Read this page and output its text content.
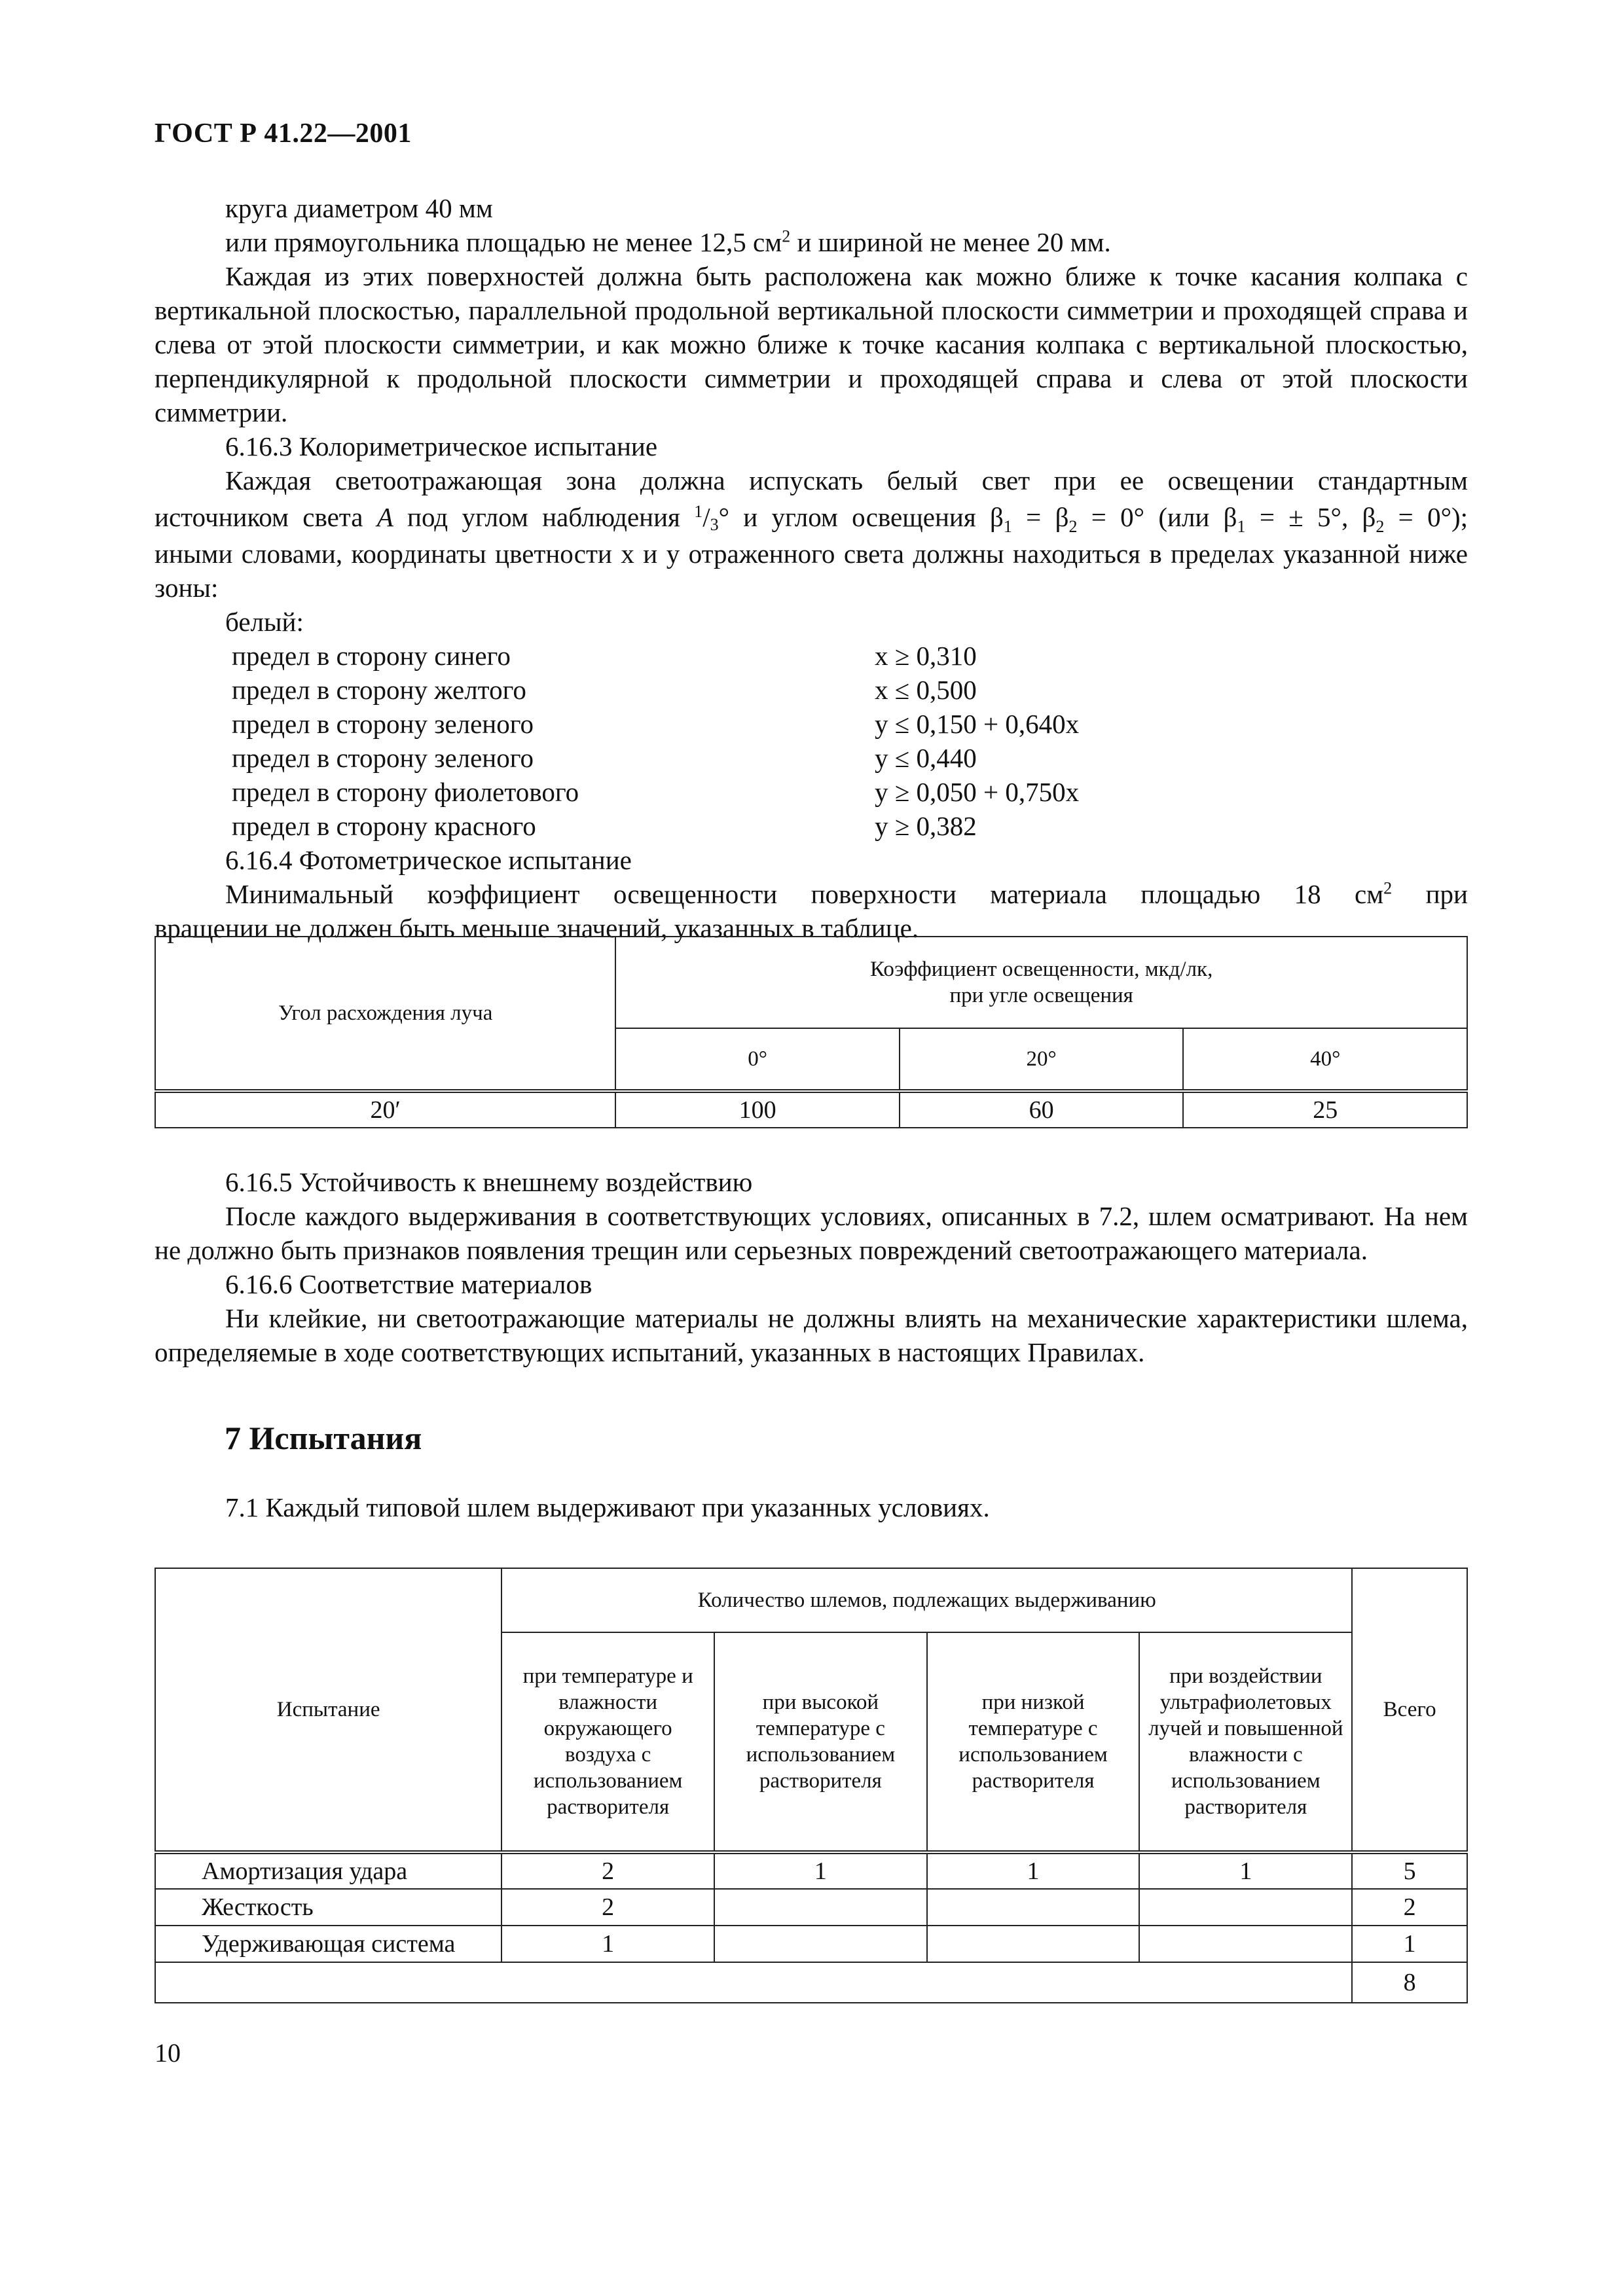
ГОСТ Р 41.22—2001

круга диаметром 40 мм

или прямоугольника площадью не менее 12,5 $см^2$ и шириной не менее 20 мм.

Каждая из этих поверхностей должна быть расположена как можно ближе к точке касания колпака с вертикальной плоскостью, параллельной продольной вертикальной плоскости симметрии и проходящей справа и слева от этой плоскости симметрии, и как можно ближе к точке касания колпака с вертикальной плоскостью, перпендикулярной к продольной плоскости симметрии и проходящей справа и слева от этой плоскости симметрии.

6.16.3 Колориметрическое испытание

Каждая светоотражающая зона должна испускать белый свет при ее освещении стандартным

источником света A под углом наблюдения $^1$/3° и углом освещения $\beta_1 = \beta_2 = 0^\circ$ (или $\beta_1$ = ± 5°, $\beta_2 = 0^\circ$);

иными словами, координаты цветности x и y отраженного света должны находиться в пределах указанной ниже зоны:

белый:

предел в сторону синего	x ≥ 0,310
предел в сторону желтого	x ≤ 0,500
предел в сторону зеленого	y ≤ 0,150 + 0,640x
предел в сторону зеленого	y ≤ 0,440
предел в сторону фиолетового	y ≥ 0,050 + 0,750x
предел в сторону красного	y ≥ 0,382

6.16.4 Фотометрическое испытание

Минимальный коэффициент освещенности поверхности материала площадью 18 $см^2$ при

вращении не должен быть меньше значений, указанных в таблице.

Угол расхождения луча	Коэффициент освещенности, мкд/лк,
при угле освещения		

	0°	20°	40°
20′	100	60	25

6.16.5 Устойчивость к внешнему воздействию

После каждого выдерживания в соответствующих условиях, описанных в 7.2, шлем осматривают. На нем не должно быть признаков появления трещин или серьезных повреждений светоотражающего материала.

6.16.6 Соответствие материалов

Ни клейкие, ни светоотражающие материалы не должны влиять на механические характеристики шлема, определяемые в ходе соответствующих испытаний, указанных в настоящих Правилах.

7 Испытания

7.1 Каждый типовой шлем выдерживают при указанных условиях.

Испытание	Количество шлемов, подлежащих выдерживанию				Всего
	при температуре и влажности окружающего воздуха с использованием растворителя	при высокой температуре с использованием растворителя	при низкой температуре с использованием растворителя	при воздействии ультрафиолетовых лучей и повышенной влажности с использованием растворителя	
Амортизация удара	2	1	1	1	5
Жесткость	2				2
Удерживающая система	1				1
					8
10
